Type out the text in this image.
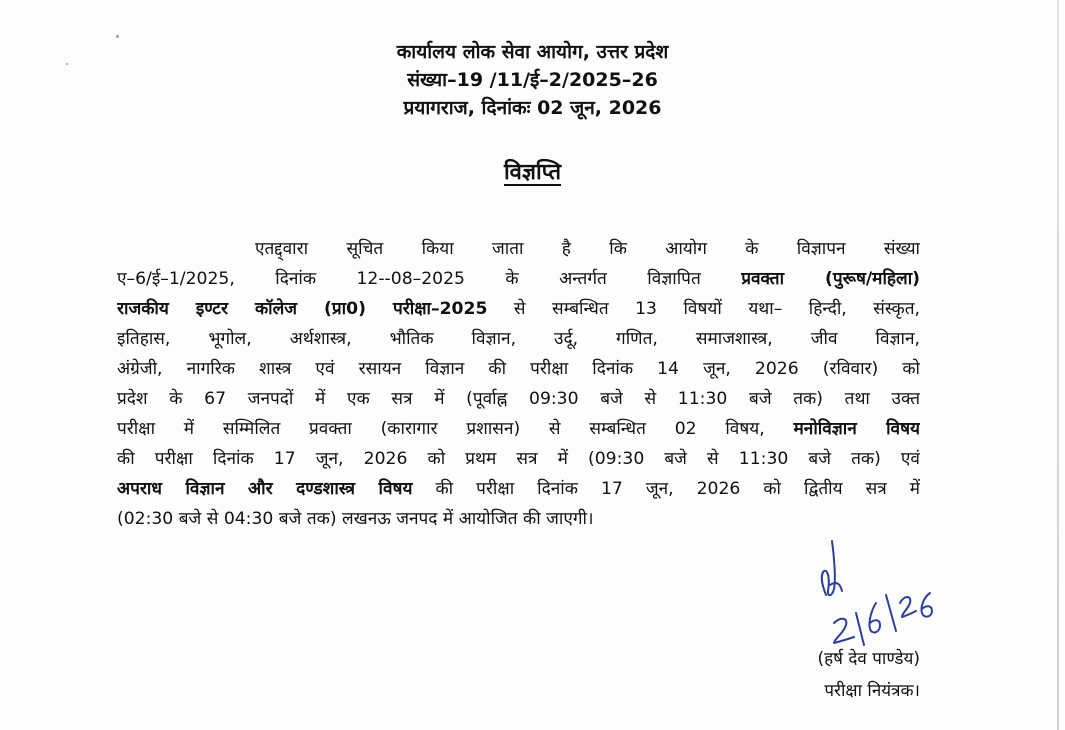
कार्यालय लोक सेवा आयोग, उत्तर प्रदेश
संख्या–19 /11/ई–2/2025–26
प्रयागराज, दिनांकः 02 जून, 2026
विज्ञप्ति
एतद्द्वारा सूचित किया जाता है कि आयोग के विज्ञापन संख्या
ए–6/ई–1/2025, दिनांक 12--08–2025 के अन्तर्गत विज्ञापित प्रवक्ता (पुरूष/महिला)
राजकीय इण्टर कॉलेज (प्रा0) परीक्षा–2025 से सम्बन्धित 13 विषयों यथा– हिन्दी, संस्कृत,
इतिहास, भूगोल, अर्थशास्त्र, भौतिक विज्ञान, उर्दू, गणित, समाजशास्त्र, जीव विज्ञान,
अंग्रेजी, नागरिक शास्त्र एवं रसायन विज्ञान की परीक्षा दिनांक 14 जून, 2026 (रविवार) को
प्रदेश के 67 जनपदों में एक सत्र में (पूर्वाह्न 09:30 बजे से 11:30 बजे तक) तथा उक्त
परीक्षा में सम्मिलित प्रवक्ता (कारागार प्रशासन) से सम्बन्धित 02 विषय, मनोविज्ञान विषय
की परीक्षा दिनांक 17 जून, 2026 को प्रथम सत्र में (09:30 बजे से 11:30 बजे तक) एवं
अपराध विज्ञान और दण्डशास्त्र विषय की परीक्षा दिनांक 17 जून, 2026 को द्वितीय सत्र में
(02:30 बजे से 04:30 बजे तक) लखनऊ जनपद में आयोजित की जाएगी।
(हर्ष देव पाण्डेय)
परीक्षा नियंत्रक।
